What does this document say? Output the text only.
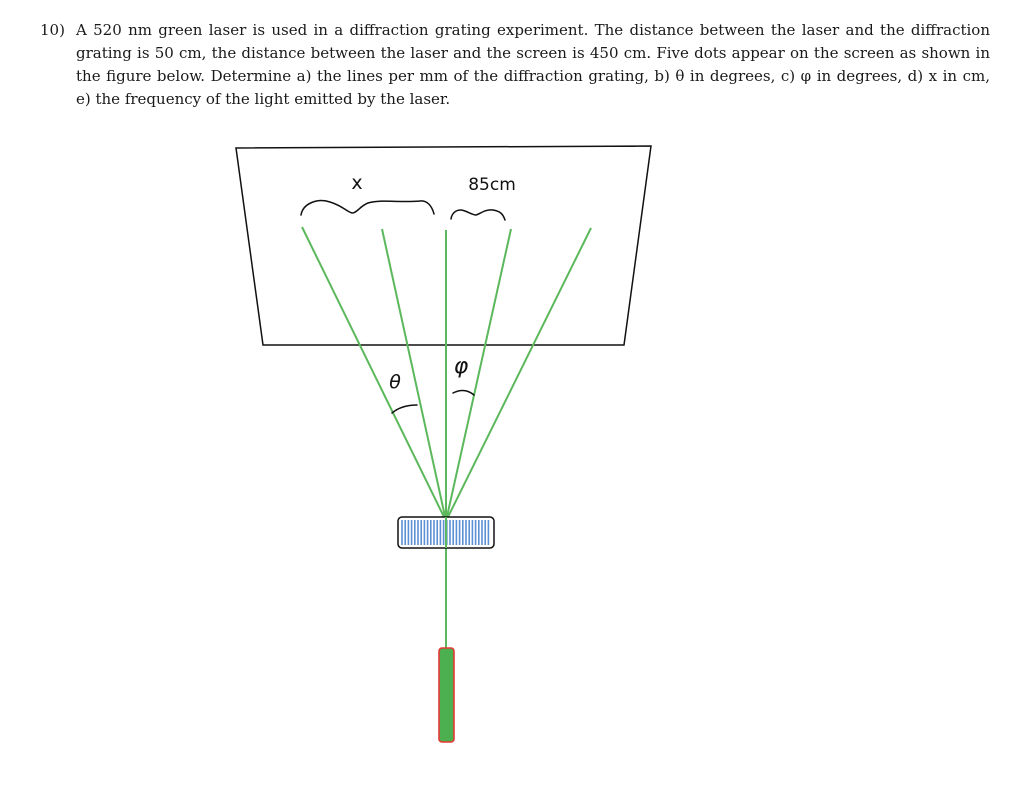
10) A 520 nm green laser is used in a diffraction grating experiment. The distance between the laser and the diffraction grating is 50 cm, the distance between the laser and the screen is 450 cm. Five dots appear on the screen as shown in the figure below. Determine a) the lines per mm of the diffraction grating, b) θ in degrees, c) φ in degrees, d) x in cm, e) the frequency of the light emitted by the laser.
x	85cm
θ
φ
